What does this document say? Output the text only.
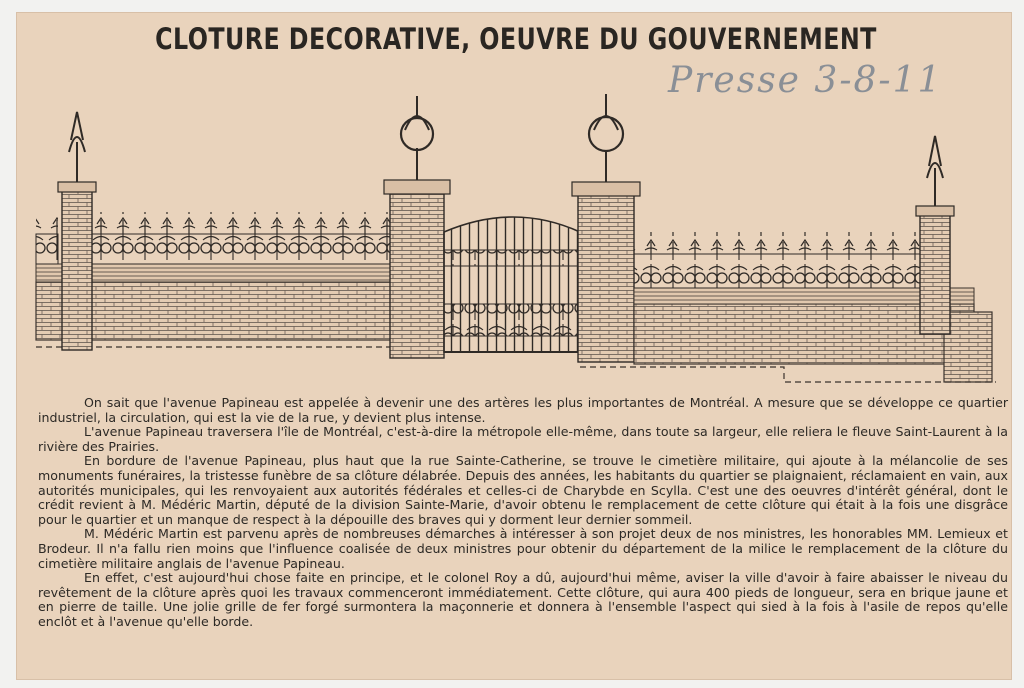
CLOTURE DECORATIVE, OEUVRE DU GOUVERNEMENT
Presse 3-8-11

On sait que l'avenue Papineau est appelée à devenir une des artères les plus importantes de Montréal. A mesure que se développe ce quartier industriel, la circulation, qui est la vie de la rue, y devient plus intense.

L'avenue Papineau traversera l'île de Montréal, c'est-à-dire la métropole elle-même, dans toute sa largeur, elle reliera le fleuve Saint-Laurent à la rivière des Prairies.

En bordure de l'avenue Papineau, plus haut que la rue Sainte-Catherine, se trouve le cimetière militaire, qui ajoute à la mélancolie de ses monuments funéraires, la tristesse funèbre de sa clôture délabrée. Depuis des années, les habitants du quartier se plaignaient, réclamaient en vain, aux autorités municipales, qui les renvoyaient aux autorités fédérales et celles-ci de Charybde en Scylla. C'est une des oeuvres d'intérêt général, dont le crédit revient à M. Médéric Martin, député de la division Sainte-Marie, d'avoir obtenu le remplacement de cette clôture qui était à la fois une disgrâce pour le quartier et un manque de respect à la dépouille des braves qui y dorment leur dernier sommeil.

M. Médéric Martin est parvenu après de nombreuses démarches à intéresser à son projet deux de nos ministres, les honorables MM. Lemieux et Brodeur. Il n'a fallu rien moins que l'influence coalisée de deux ministres pour obtenir du département de la milice le remplacement de la clôture du cimetière militaire anglais de l'avenue Papineau.

En effet, c'est aujourd'hui chose faite en principe, et le colonel Roy a dû, aujourd'hui même, aviser la ville d'avoir à faire abaisser le niveau du revêtement de la clôture après quoi les travaux commenceront immédiatement. Cette clôture, qui aura 400 pieds de longueur, sera en brique jaune et en pierre de taille. Une jolie grille de fer forgé surmontera la maçonnerie et donnera à l'ensemble l'aspect qui sied à la fois à l'asile de repos qu'elle enclôt et à l'avenue qu'elle borde.
